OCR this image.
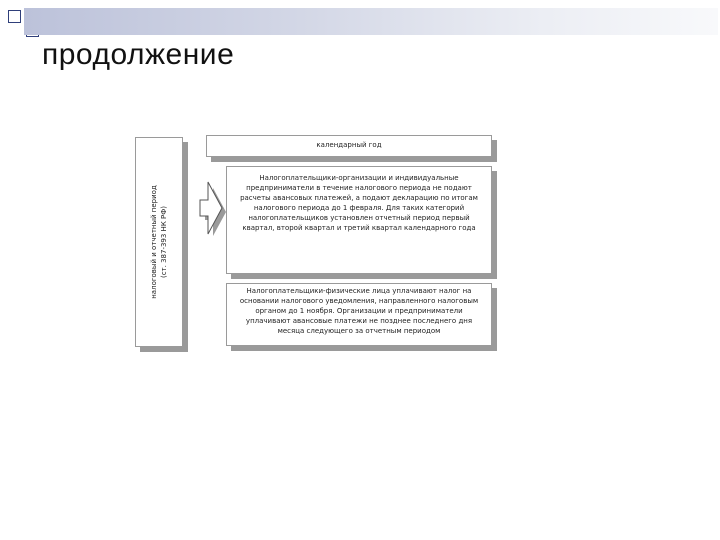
продолжение
налоговый и отчетный период (ст. 387-393 НК РФ)
календарный год
Налогоплательщики-организации и индивидуальные предприниматели в течение налогового периода не подают расчеты авансовых платежей, а подают декларацию по итогам налогового периода до 1 февраля. Для таких категорий налогоплательщиков установлен отчетный период первый квартал, второй квартал и третий квартал календарного года
Налогоплательщики-физические лица уплачивают налог на основании налогового уведомления, направленного налоговым органом до 1 ноября. Организации и предприниматели уплачивают авансовые платежи не позднее последнего дня месяца следующего за отчетным периодом
